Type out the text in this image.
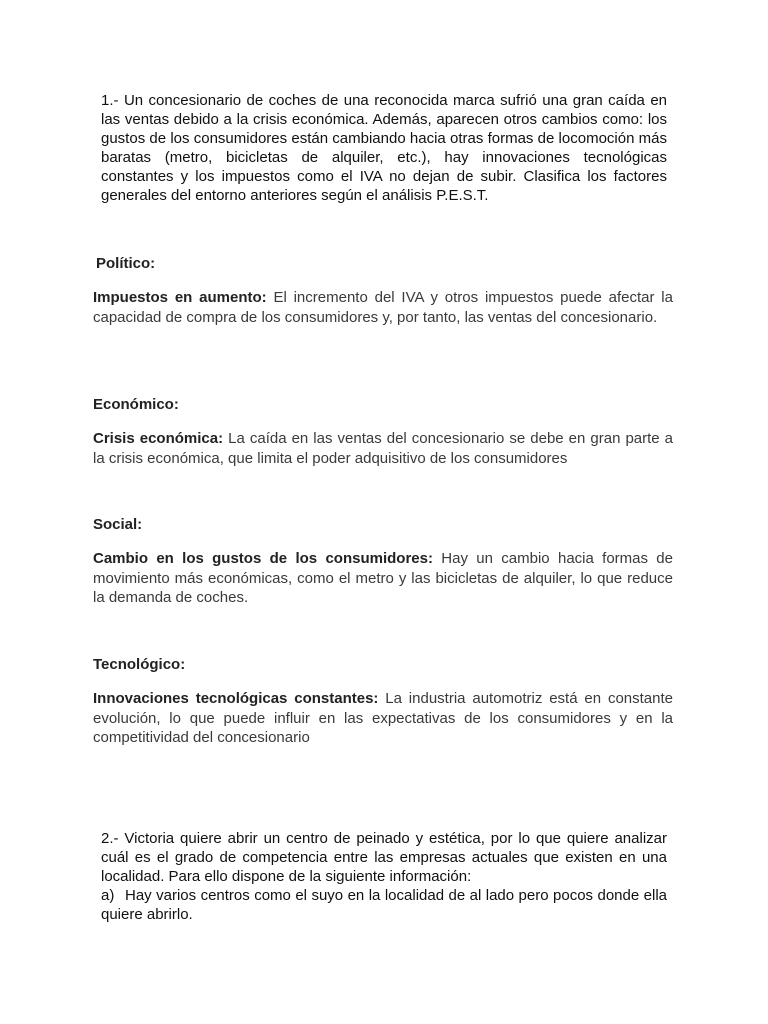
1.- Un concesionario de coches de una reconocida marca sufrió una gran caída en las ventas debido a la crisis económica. Además, aparecen otros cambios como: los gustos de los consumidores están cambiando hacia otras formas de locomoción más baratas (metro, bicicletas de alquiler, etc.), hay innovaciones tecnológicas constantes y los impuestos como el IVA no dejan de subir. Clasifica los factores generales del entorno anteriores según el análisis P.E.S.T.

Político:

Impuestos en aumento: El incremento del IVA y otros impuestos puede afectar la capacidad de compra de los consumidores y, por tanto, las ventas del concesionario.

Económico:

Crisis económica: La caída en las ventas del concesionario se debe en gran parte a la crisis económica, que limita el poder adquisitivo de los consumidores

Social:

Cambio en los gustos de los consumidores: Hay un cambio hacia formas de movimiento más económicas, como el metro y las bicicletas de alquiler, lo que reduce la demanda de coches.

Tecnológico:

Innovaciones tecnológicas constantes: La industria automotriz está en constante evolución, lo que puede influir en las expectativas de los consumidores y en la competitividad del concesionario

2.- Victoria quiere abrir un centro de peinado y estética, por lo que quiere analizar cuál es el grado de competencia entre las empresas actuales que existen en una localidad. Para ello dispone de la siguiente información:
a) Hay varios centros como el suyo en la localidad de al lado pero pocos donde ella quiere abrirlo.
